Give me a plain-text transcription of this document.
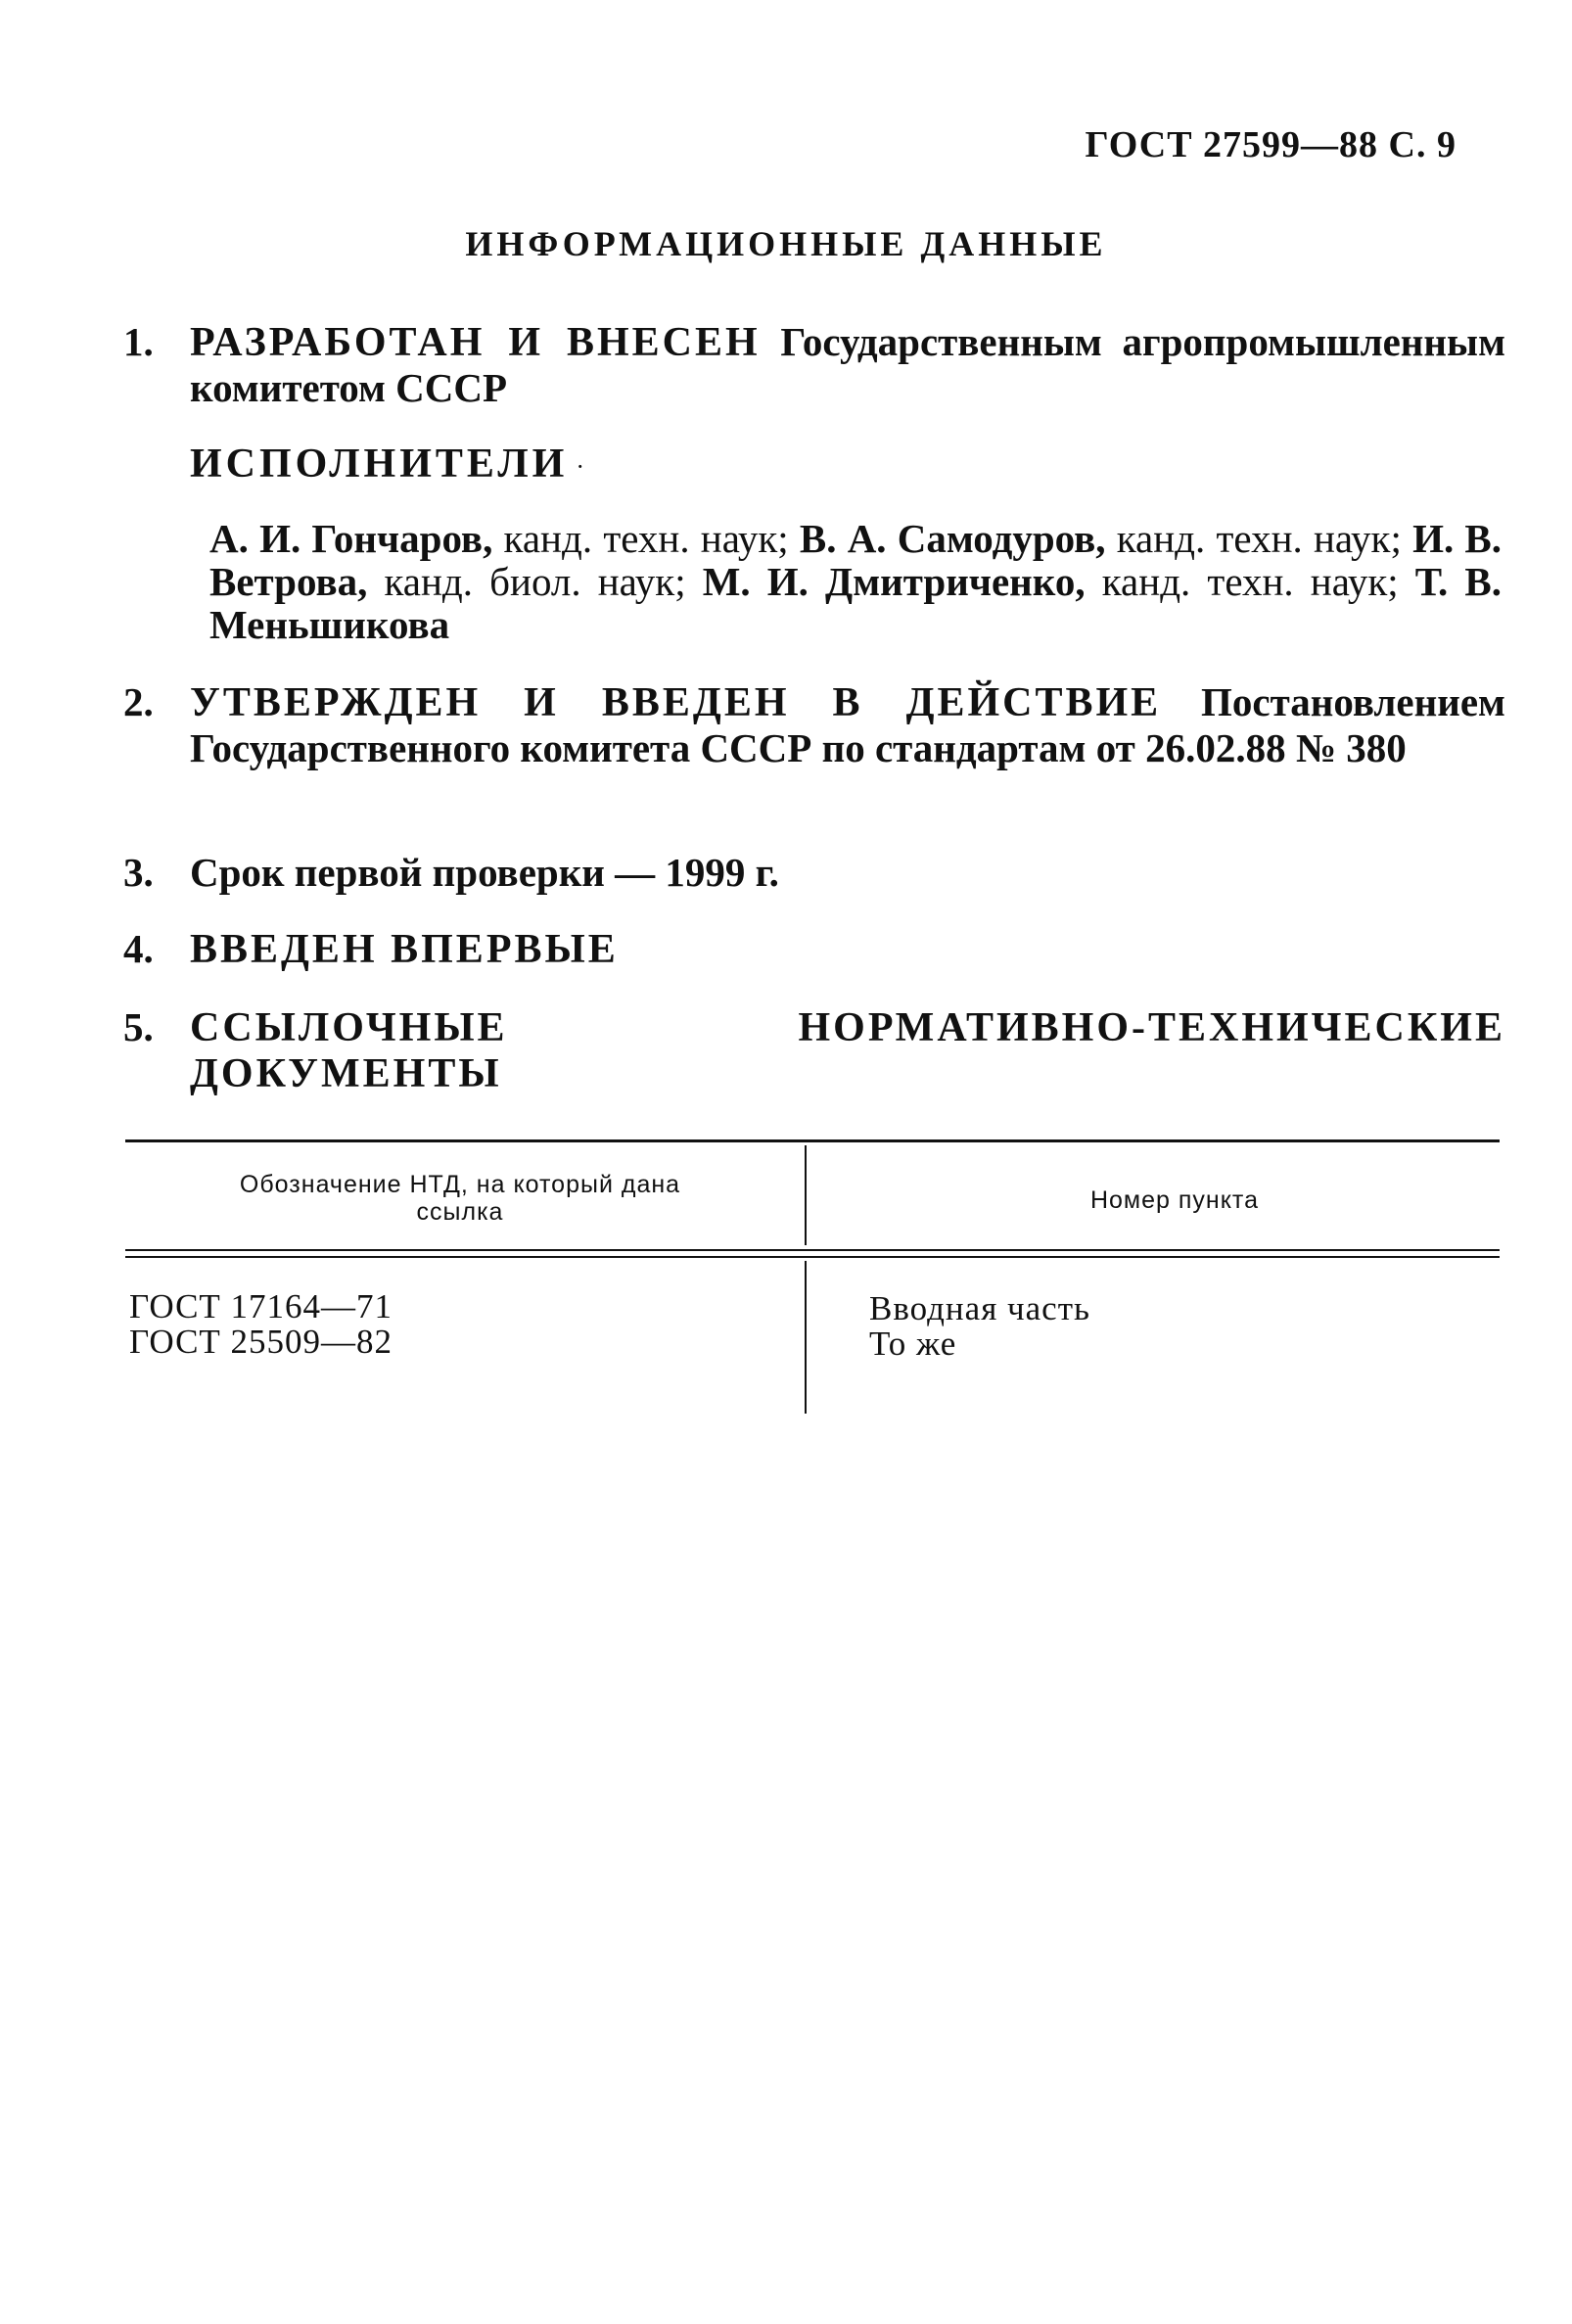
ГОСТ 27599—88 С. 9
ИНФОРМАЦИОННЫЕ ДАННЫЕ
1. РАЗРАБОТАН И ВНЕСЕН Государственным агропромышленным комитетом СССР
ИСПОЛНИТЕЛИ ·
А. И. Гончаров, канд. техн. наук; В. А. Самодуров, канд. техн. наук; И. В. Ветрова, канд. биол. наук; М. И. Дмитриченко, канд. техн. наук; Т. В. Меньшикова
2. УТВЕРЖДЕН И ВВЕДЕН В ДЕЙСТВИЕ Постановлением Государственного комитета СССР по стандартам от 26.02.88 № 380
3. Срок первой проверки — 1999 г.
4. ВВЕДЕН ВПЕРВЫЕ
5. ССЫЛОЧНЫЕ НОРМАТИВНО-ТЕХНИЧЕСКИЕ ДОКУМЕНТЫ
Обозначение НТД, на который дана ссылка	Номер пункта
ГОСТ 17164—71	Вводная часть
ГОСТ 25509—82	То же
